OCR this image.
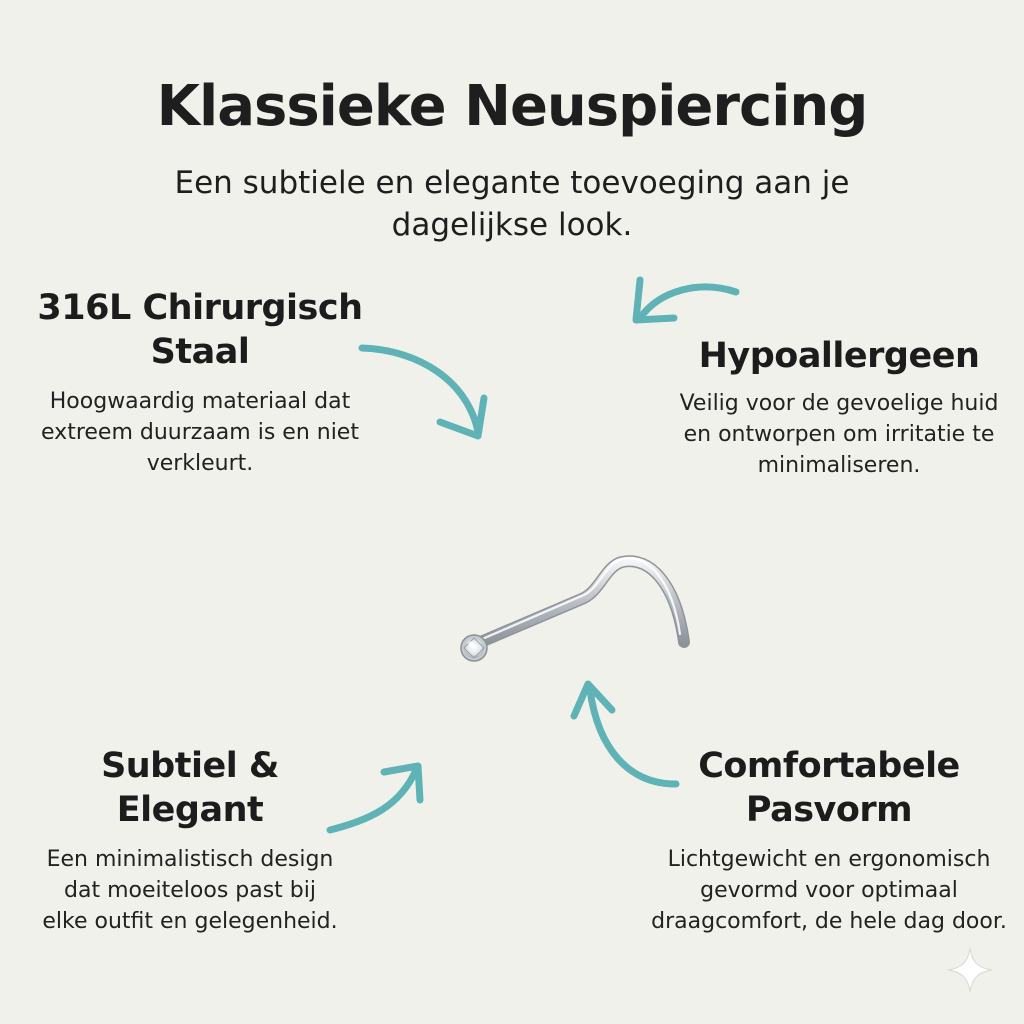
Klassieke Neuspiercing

Een subtiele en elegante toevoeging aan je dagelijkse look.

316L Chirurgisch Staal

Hoogwaardig materiaal dat extreem duurzaam is en niet verkleurt.

Hypoallergeen

Veilig voor de gevoelige huid en ontworpen om irritatie te minimaliseren.

Subtiel & Elegant

Een minimalistisch design dat moeiteloos past bij elke outfit en gelegenheid.

Comfortabele Pasvorm

Lichtgewicht en ergonomisch gevormd voor optimaal draagcomfort, de hele dag door.
